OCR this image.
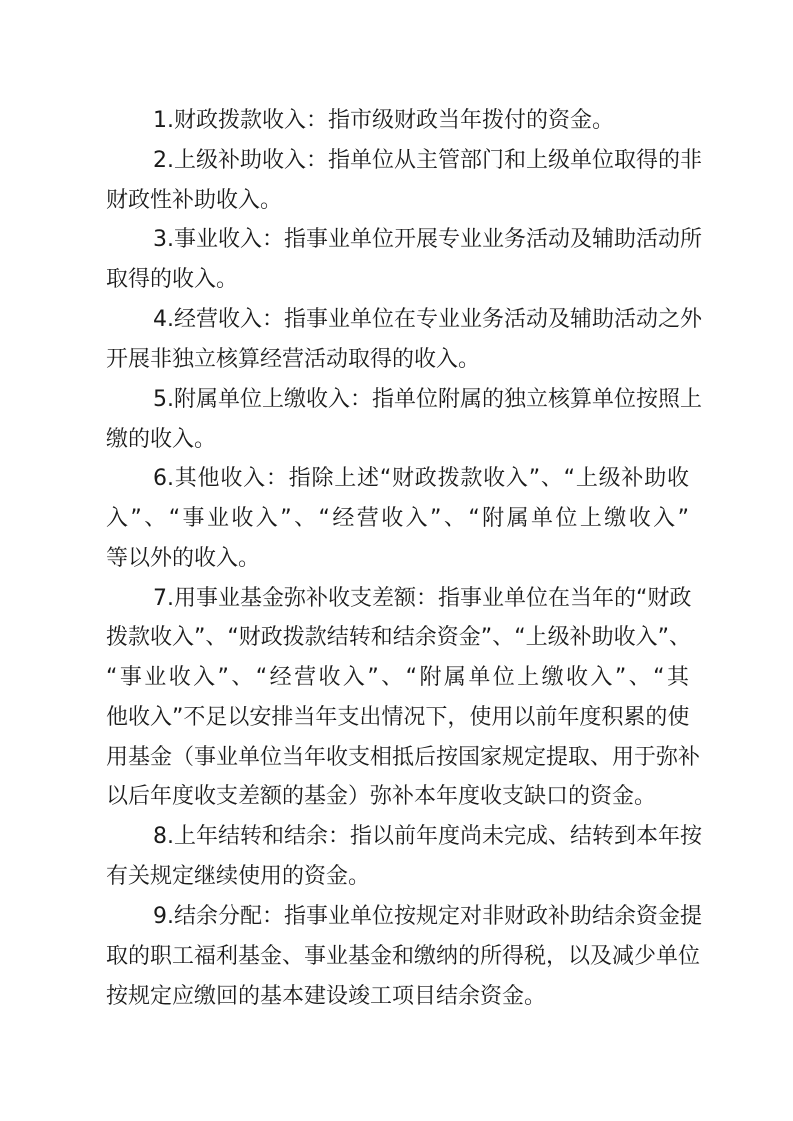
1.财政拨款收入：指市级财政当年拨付的资金。
2.上级补助收入：指单位从主管部门和上级单位取得的非
财政性补助收入。
3.事业收入：指事业单位开展专业业务活动及辅助活动所
取得的收入。
4.经营收入：指事业单位在专业业务活动及辅助活动之外
开展非独立核算经营活动取得的收入。
5.附属单位上缴收入：指单位附属的独立核算单位按照上
缴的收入。
6.其他收入：指除上述“财政拨款收入”、“上级补助收
入”、“事业收入”、“经营收入”、“附属单位上缴收入”
等以外的收入。
7.用事业基金弥补收支差额：指事业单位在当年的“财政
拨款收入”、“财政拨款结转和结余资金”、“上级补助收入”、
“事业收入”、“经营收入”、“附属单位上缴收入”、“其
他收入”不足以安排当年支出情况下，使用以前年度积累的使
用基金（事业单位当年收支相抵后按国家规定提取、用于弥补
以后年度收支差额的基金）弥补本年度收支缺口的资金。
8.上年结转和结余：指以前年度尚未完成、结转到本年按
有关规定继续使用的资金。
9.结余分配：指事业单位按规定对非财政补助结余资金提
取的职工福利基金、事业基金和缴纳的所得税，以及减少单位
按规定应缴回的基本建设竣工项目结余资金。
